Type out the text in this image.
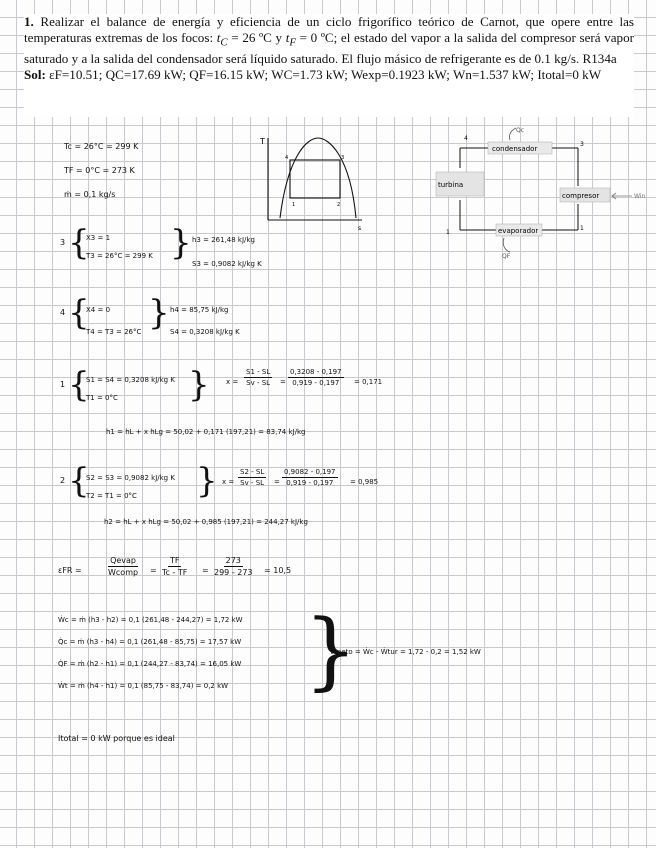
1. Realizar el balance de energía y eficiencia de un ciclo frigorífico teórico de Carnot, que opere entre las temperaturas extremas de los focos: $t_C = 26$ ºC y $t_F = 0$ ºC; el estado del vapor a la salida del compresor será vapor saturado y a la salida del condensador será líquido saturado. El flujo másico de refrigerante es de 0.1 kg/s. R134a

Sol: εF=10.51; QC=17.69 kW; QF=16.15 kW; WC=1.73 kW; Wexp=0.1923 kW; Wn=1.537 kW; Itotal=0 kW

Tc = 26°C = 299 K
TF = 0°C = 273 K
ṁ = 0,1 kg/s
T
s
1	2
3
4
condensador
turbina
compresor
evaporador
Qc
QF
Win
1
3
4
1
3 {
X3 = 1
T3 = 26°C = 299 K } h3 = 261,48 kJ/kg
S3 = 0,9082 kJ/kg K
4 {
X4 = 0
T4 = T3 = 26°C } h4 = 85,75 kJ/kg
S4 = 0,3208 kJ/kg K
1 {
S1 = S4 = 0,3208 kJ/kg K
T1 = 0°C } $x = \frac{S1 - SL}{Sv - SL} = \frac{0,3208 - 0,197}{0,919 - 0,197} = 0,171$
h1 = hL + x hLg = 50,02 + 0,171 (197,21) = 83,74 kJ/kg
2 {
S2 = S3 = 0,9082 kJ/kg K
T2 = T1 = 0°C } $x = \frac{S2 - SL}{Sv - SL} = \frac{0,9082 - 0,197}{0,919 - 0,197} = 0,985$
h2 = hL + x hLg = 50,02 + 0,985 (197,21) = 244,27 kJ/kg
εFR =
Qevap
Wcomp = $\frac{TF}{Tc - TF} = \frac{273}{299 - 273} = 10,5$
Ẇc = ṁ (h3 - h2) = 0,1 (261,48 - 244,27) = 1,72 kW
Q̇c = ṁ (h3 - h4) = 0,1 (261,48 - 85,75) = 17,57 kW
Q̇F = ṁ (h2 - h1) = 0,1 (244,27 - 83,74) = 16,05 kW
Ẇt = ṁ (h4 - h1) = 0,1 (85,75 - 83,74) = 0,2 kW }
Ẇneto = Ẇc - Ẇtur = 1,72 - 0,2 = 1,52 kW
Itotal = 0 kW porque es ideal
